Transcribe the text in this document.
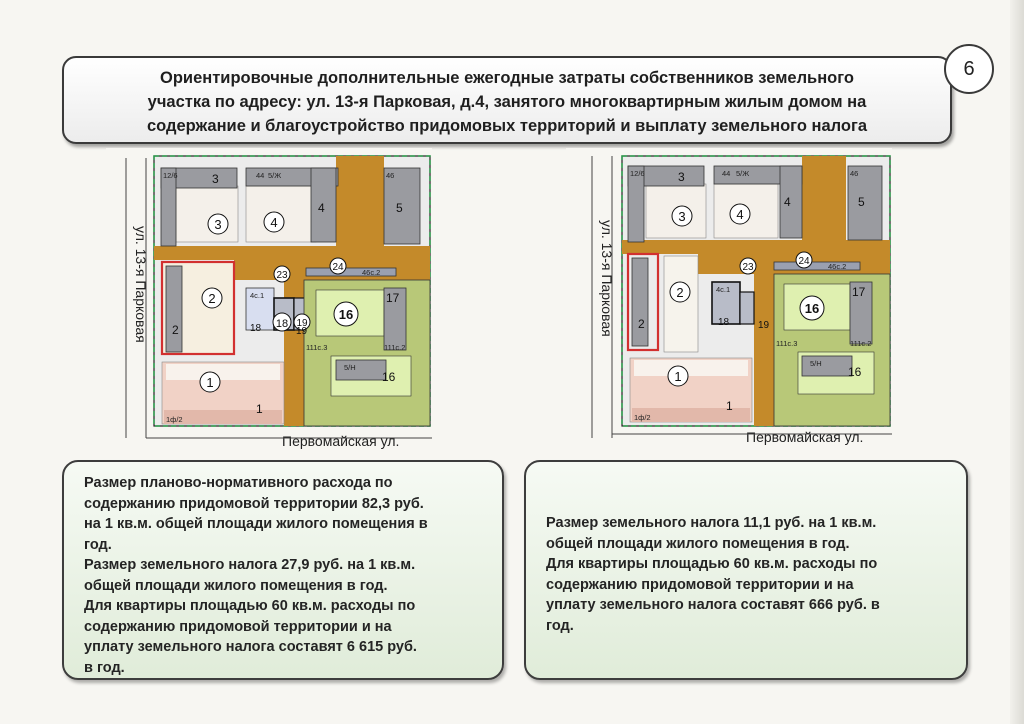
Ориентировочные дополнительные ежегодные затраты собственников земельного
участка по адресу: ул. 13-я Парковая, д.4, занятого многоквартирным жилым домом на
содержание и благоустройство придомовых территорий и выплату земельного налога
6
3	4
2
1
16
18 19
23
24
3
4	5
2
1
16
17
18	19
12/6	44	46
46с.2
4с.1
111с.3	111с.2
1ф/2
5/Ж
5/Н
ул. 13-я Парковая
Первомайская ул.
3	4
2
1
16
23
24
3
4	5
2
1
16
17
18	19
12/6	44	46
46с.2
4с.1
111с.3	111с.2
1ф/2
5/Ж
5/Н
ул. 13-я Парковая
Первомайская ул.

Размер планово-нормативного расхода по

содержанию придомовой территории 82,3 руб.

на 1 кв.м. общей площади жилого помещения в

год.

Размер земельного налога 27,9 руб. на 1 кв.м.

общей площади жилого помещения в год.

Для квартиры площадью 60 кв.м. расходы по

содержанию придомовой территории и на

уплату земельного налога составят 6 615 руб.

в год.

Размер земельного налога 11,1 руб. на 1 кв.м.

общей площади жилого помещения в год.

Для квартиры площадью 60 кв.м. расходы по

содержанию придомовой территории и на

уплату земельного налога составят 666 руб. в

год.
